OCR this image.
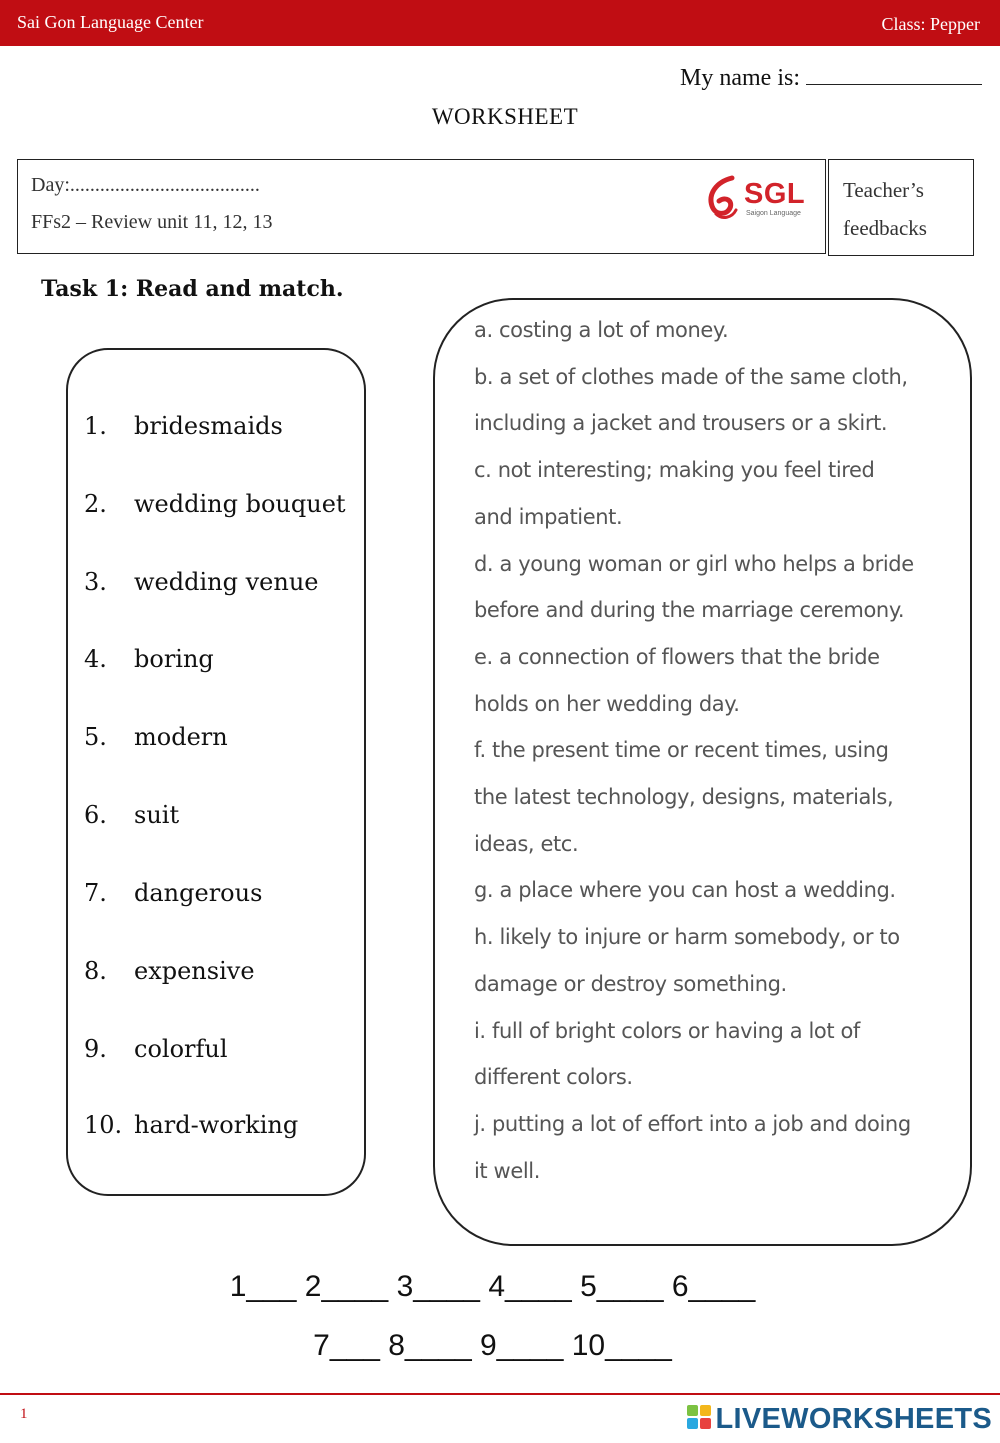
Sai Gon Language Center	Class: Pepper
My name is:
WORKSHEET
Day:......................................
FFs2 – Review unit 11, 12, 13
SGL
Saigon Language
Teacher’s
feedbacks
Task 1: Read and match.
1. bridesmaids
2. wedding bouquet
3. wedding venue
4. boring
5. modern
6. suit
7. dangerous
8. expensive
9. colorful
10. hard-working
a. costing a lot of money.
b. a set of clothes made of the same cloth,
including a jacket and trousers or a skirt.
c. not interesting; making you feel tired
and impatient.
d. a young woman or girl who helps a bride
before and during the marriage ceremony.
e. a connection of flowers that the bride
holds on her wedding day.
f. the present time or recent times, using
the latest technology, designs, materials,
ideas, etc.
g. a place where you can host a wedding.
h. likely to injure or harm somebody, or to
damage or destroy something.
i. full of bright colors or having a lot of
different colors.
j. putting a lot of effort into a job and doing
it well.
1___ 2____ 3____ 4____ 5____ 6____
7___ 8____ 9____ 10____
1	LIVEWORKSHEETS
